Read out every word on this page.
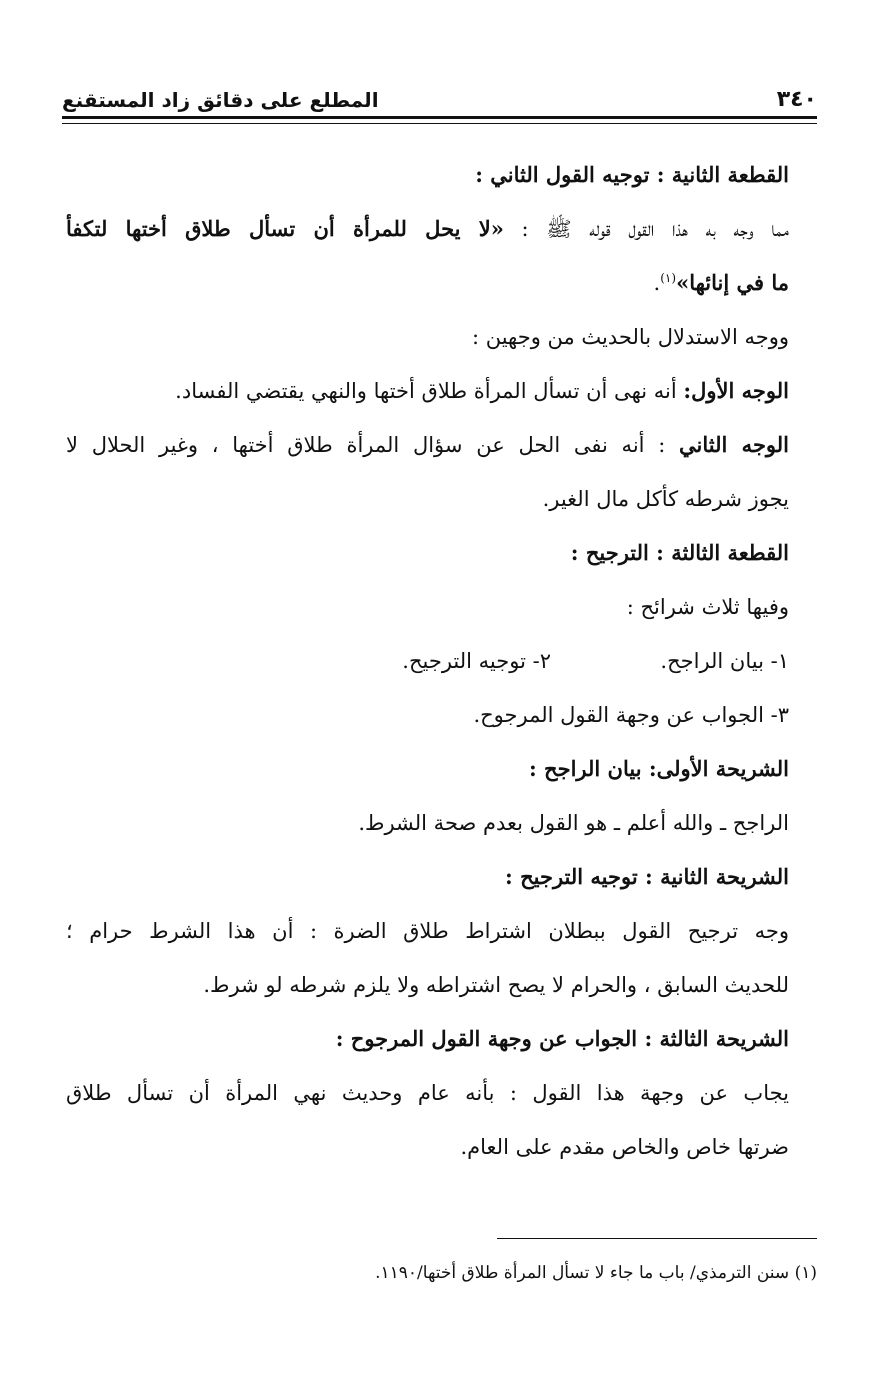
٣٤٠
المطلع على دقائق زاد المستقنع
القطعة الثانية : توجيه القول الثاني :
مما وجه به هذا القول قوله ﷺ : «لا يحل للمرأة أن تسأل طلاق أختها لتكفأ
ما في إنائها»$^{(١)}$.
ووجه الاستدلال بالحديث من وجهين :
الوجه الأول: أنه نهى أن تسأل المرأة طلاق أختها والنهي يقتضي الفساد.
الوجه الثاني : أنه نفى الحل عن سؤال المرأة طلاق أختها ، وغير الحلال لا
يجوز شرطه كأكل مال الغير.
القطعة الثالثة : الترجيح :
وفيها ثلاث شرائح :
١- بيان الراجح.
٢- توجيه الترجيح.
٣- الجواب عن وجهة القول المرجوح.
الشريحة الأولى: بيان الراجح :
الراجح ـ والله أعلم ـ هو القول بعدم صحة الشرط.
الشريحة الثانية : توجيه الترجيح :
وجه ترجيح القول ببطلان اشتراط طلاق الضرة : أن هذا الشرط حرام ؛
للحديث السابق ، والحرام لا يصح اشتراطه ولا يلزم شرطه لو شرط.
الشريحة الثالثة : الجواب عن وجهة القول المرجوح :
يجاب عن وجهة هذا القول : بأنه عام وحديث نهي المرأة أن تسأل طلاق
ضرتها خاص والخاص مقدم على العام.
(١) سنن الترمذي/ باب ما جاء لا تسأل المرأة طلاق أختها/١١٩٠.
